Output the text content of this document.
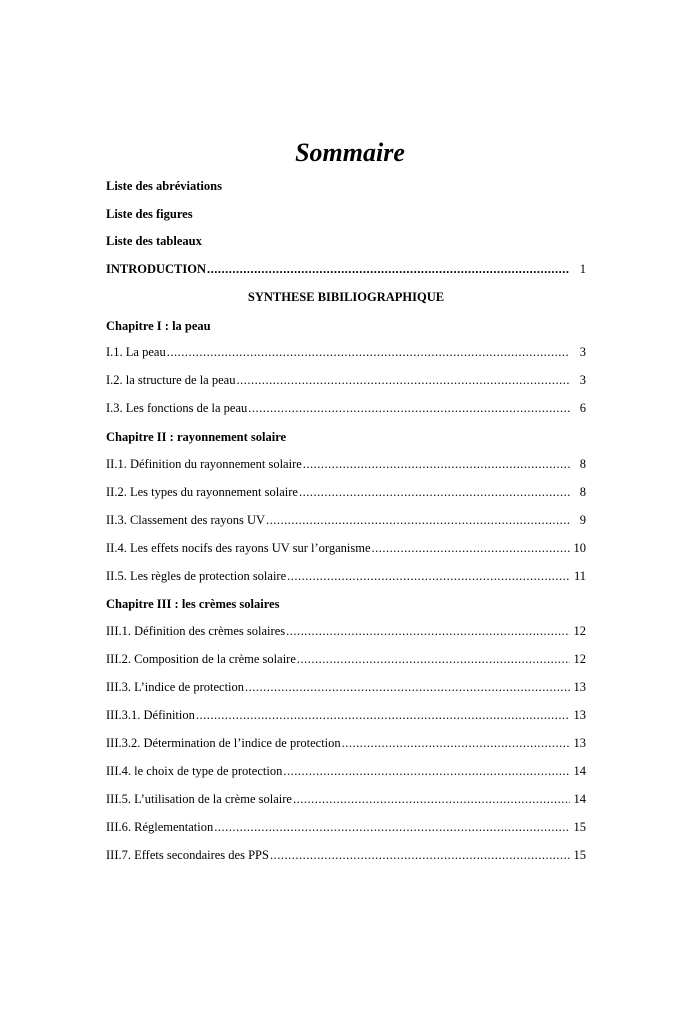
Sommaire
Liste des abréviations
Liste des figures
Liste des tableaux
INTRODUCTION .....	1
SYNTHESE BIBILIOGRAPHIQUE
Chapitre I : la peau
I.1. La peau .....	3
I.2. la structure de la peau .....	3
I.3. Les fonctions de la peau .....	6
Chapitre II : rayonnement solaire
II.1. Définition du rayonnement solaire .....	8
II.2. Les types du rayonnement solaire .....	8
II.3. Classement des rayons UV .....	9
II.4. Les effets nocifs des rayons UV sur l’organisme .....	10
II.5. Les règles de protection solaire .....	11
Chapitre III : les crèmes solaires
III.1. Définition des crèmes solaires .....	12
III.2. Composition de la crème solaire .....	12
III.3. L’indice de protection .....	13
III.3.1. Définition .....	13
III.3.2. Détermination de l’indice de protection .....	13
III.4. le choix de type de protection .....	14
III.5. L’utilisation de la crème solaire .....	14
III.6. Réglementation .....	15
III.7. Effets secondaires des PPS .....	15
